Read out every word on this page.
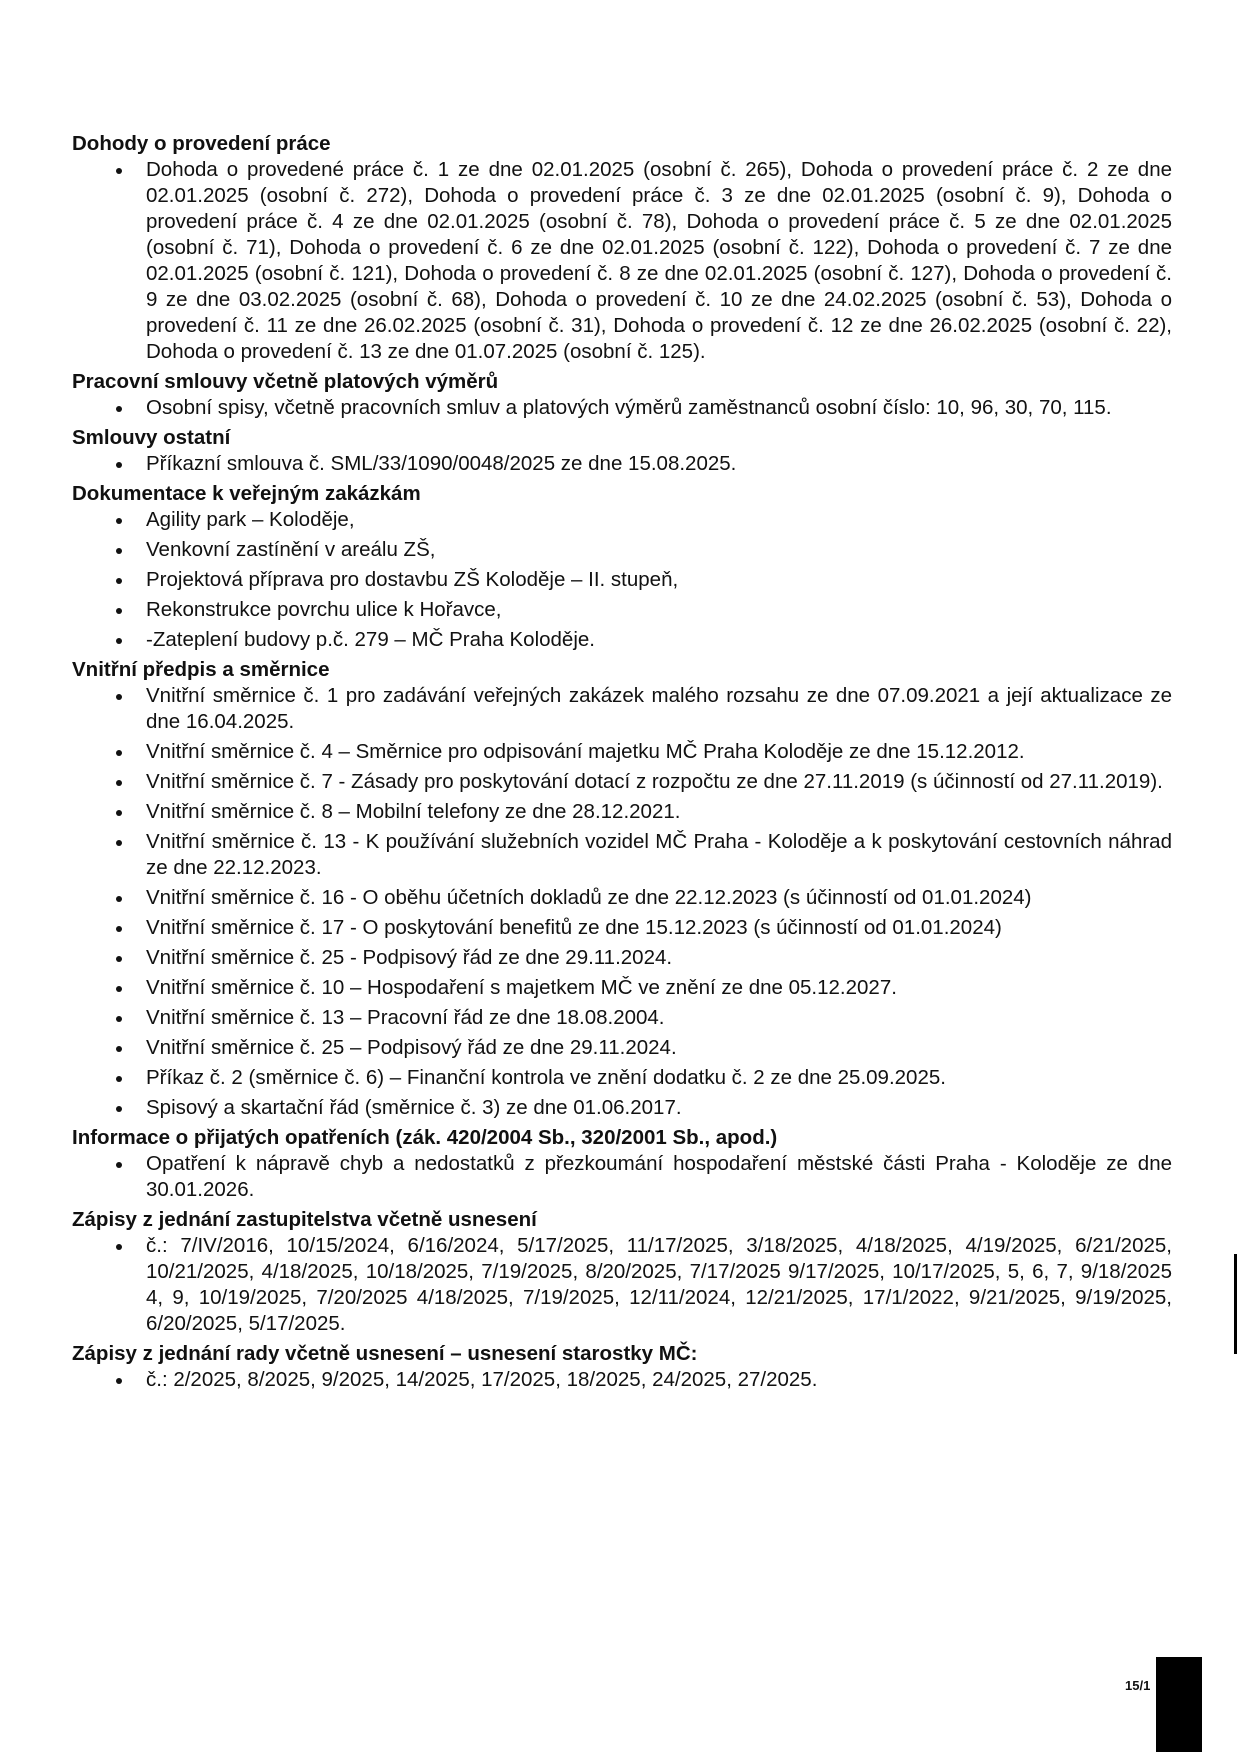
Dohody o provedení práce

Dohoda o provedené práce č. 1 ze dne 02.01.2025 (osobní č. 265), Dohoda o provedení práce č. 2 ze dne 02.01.2025 (osobní č. 272), Dohoda o provedení práce č. 3 ze dne 02.01.2025 (osobní č. 9), Dohoda o provedení práce č. 4 ze dne 02.01.2025 (osobní č. 78), Dohoda o provedení práce č. 5 ze dne 02.01.2025 (osobní č. 71), Dohoda o provedení č. 6 ze dne 02.01.2025 (osobní č. 122), Dohoda o provedení č. 7 ze dne 02.01.2025 (osobní č. 121), Dohoda o provedení č. 8 ze dne 02.01.2025 (osobní č. 127), Dohoda o provedení č. 9 ze dne 03.02.2025 (osobní č. 68), Dohoda o provedení č. 10 ze dne 24.02.2025 (osobní č. 53), Dohoda o provedení č. 11 ze dne 26.02.2025 (osobní č. 31), Dohoda o provedení č. 12 ze dne 26.02.2025 (osobní č. 22), Dohoda o provedení č. 13 ze dne 01.07.2025 (osobní č. 125).

Pracovní smlouvy včetně platových výměrů

Osobní spisy, včetně pracovních smluv a platových výměrů zaměstnanců osobní číslo: 10, 96, 30, 70, 115.

Smlouvy ostatní

Příkazní smlouva č. SML/33/1090/0048/2025 ze dne 15.08.2025.

Dokumentace k veřejným zakázkám

Agility park – Koloděje,
Venkovní zastínění v areálu ZŠ,
Projektová příprava pro dostavbu ZŠ Koloděje – II. stupeň,
Rekonstrukce povrchu ulice k Hořavce,
-Zateplení budovy p.č. 279 – MČ Praha Koloděje.

Vnitřní předpis a směrnice

Vnitřní směrnice č. 1 pro zadávání veřejných zakázek malého rozsahu ze dne 07.09.2021 a její aktualizace ze dne 16.04.2025.
Vnitřní směrnice č. 4 – Směrnice pro odpisování majetku MČ Praha Koloděje ze dne 15.12.2012.
Vnitřní směrnice č. 7 - Zásady pro poskytování dotací z rozpočtu ze dne 27.11.2019 (s účinností od 27.11.2019).
Vnitřní směrnice č. 8 – Mobilní telefony ze dne 28.12.2021.
Vnitřní směrnice č. 13 - K používání služebních vozidel MČ Praha - Koloděje a k poskytování cestovních náhrad ze dne 22.12.2023.
Vnitřní směrnice č. 16 - O oběhu účetních dokladů ze dne 22.12.2023 (s účinností od 01.01.2024)
Vnitřní směrnice č. 17 - O poskytování benefitů ze dne 15.12.2023 (s účinností od 01.01.2024)
Vnitřní směrnice č. 25 - Podpisový řád ze dne 29.11.2024.
Vnitřní směrnice č. 10 – Hospodaření s majetkem MČ ve znění ze dne 05.12.2027.
Vnitřní směrnice č. 13 – Pracovní řád ze dne 18.08.2004.
Vnitřní směrnice č. 25 – Podpisový řád ze dne 29.11.2024.
Příkaz č. 2 (směrnice č. 6) – Finanční kontrola ve znění dodatku č. 2 ze dne 25.09.2025.
Spisový a skartační řád (směrnice č. 3) ze dne 01.06.2017.

Informace o přijatých opatřeních (zák. 420/2004 Sb., 320/2001 Sb., apod.)

Opatření k nápravě chyb a nedostatků z přezkoumání hospodaření městské části Praha - Koloděje ze dne 30.01.2026.

Zápisy z jednání zastupitelstva včetně usnesení

č.: 7/IV/2016, 10/15/2024, 6/16/2024, 5/17/2025, 11/17/2025, 3/18/2025, 4/18/2025, 4/19/2025, 6/21/2025, 10/21/2025, 4/18/2025, 10/18/2025, 7/19/2025, 8/20/2025, 7/17/2025 9/17/2025, 10/17/2025, 5, 6, 7, 9/18/2025 4, 9, 10/19/2025, 7/20/2025 4/18/2025, 7/19/2025, 12/11/2024, 12/21/2025, 17/1/2022, 9/21/2025, 9/19/2025, 6/20/2025, 5/17/2025.

Zápisy z jednání rady včetně usnesení – usnesení starostky MČ:

č.: 2/2025, 8/2025, 9/2025, 14/2025, 17/2025, 18/2025, 24/2025, 27/2025.
15/1
